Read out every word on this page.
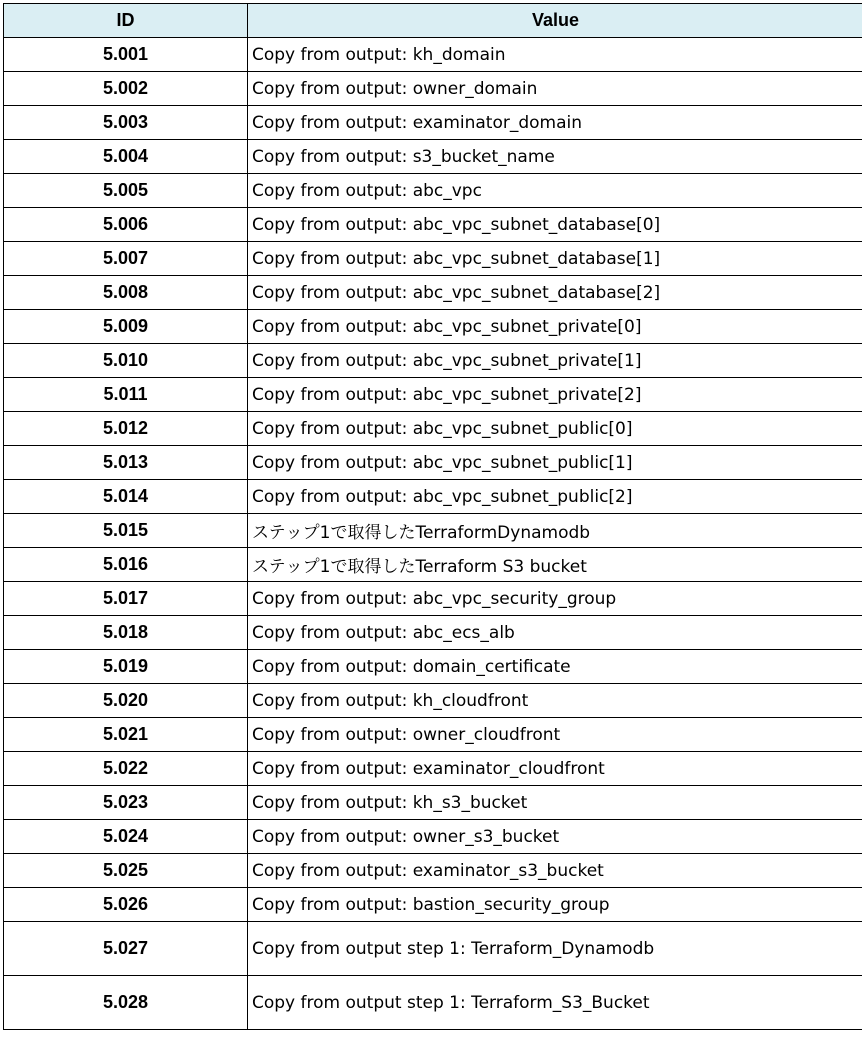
ID	Value
5.001	Copy from output: kh_domain
5.002	Copy from output: owner_domain
5.003	Copy from output: examinator_domain
5.004	Copy from output: s3_bucket_name
5.005	Copy from output: abc_vpc
5.006	Copy from output: abc_vpc_subnet_database[0]
5.007	Copy from output: abc_vpc_subnet_database[1]
5.008	Copy from output: abc_vpc_subnet_database[2]
5.009	Copy from output: abc_vpc_subnet_private[0]
5.010	Copy from output: abc_vpc_subnet_private[1]
5.011	Copy from output: abc_vpc_subnet_private[2]
5.012	Copy from output: abc_vpc_subnet_public[0]
5.013	Copy from output: abc_vpc_subnet_public[1]
5.014	Copy from output: abc_vpc_subnet_public[2]
5.015	ステップ1で取得したTerraformDynamodb
5.016	ステップ1で取得したTerraform S3 bucket
5.017	Copy from output: abc_vpc_security_group
5.018	Copy from output: abc_ecs_alb
5.019	Copy from output: domain_certificate
5.020	Copy from output: kh_cloudfront
5.021	Copy from output: owner_cloudfront
5.022	Copy from output: examinator_cloudfront
5.023	Copy from output: kh_s3_bucket
5.024	Copy from output: owner_s3_bucket
5.025	Copy from output: examinator_s3_bucket
5.026	Copy from output: bastion_security_group
5.027	Copy from output step 1: Terraform_Dynamodb
5.028	Copy from output step 1: Terraform_S3_Bucket
